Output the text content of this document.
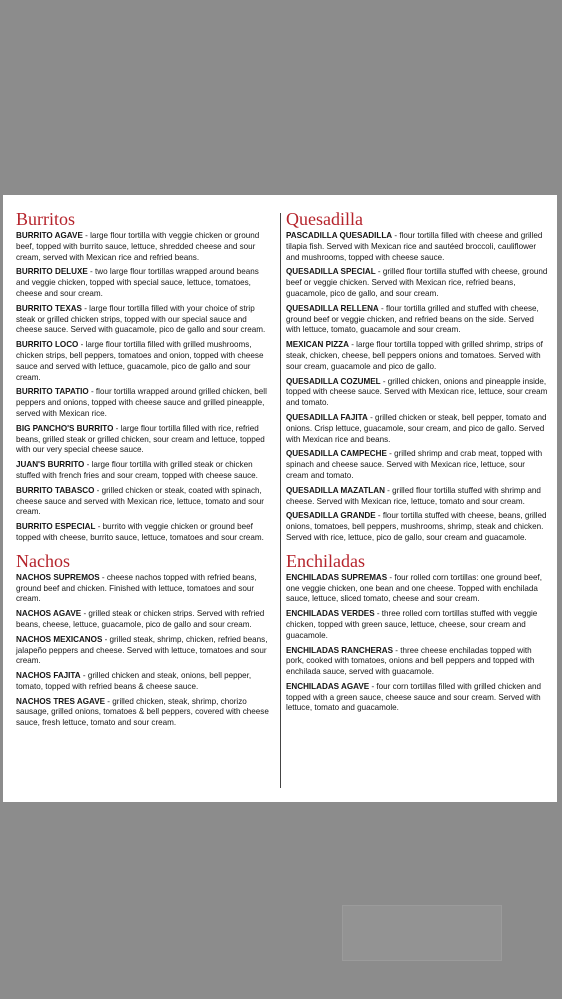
Burritos
BURRITO AGAVE - large flour tortilla with veggie chicken or ground beef, topped with burrito sauce, lettuce, shredded cheese and sour cream, served with Mexican rice and refried beans.
BURRITO DELUXE - two large flour tortillas wrapped around beans and veggie chicken, topped with special sauce, lettuce, tomatoes, cheese and sour cream.
BURRITO TEXAS - large flour tortilla filled with your choice of strip steak or grilled chicken strips, topped with our special sauce and cheese sauce. Served with guacamole, pico de gallo and sour cream.
BURRITO LOCO - large flour tortilla filled with grilled mushrooms, chicken strips, bell peppers, tomatoes and onion, topped with cheese sauce and served with lettuce, guacamole, pico de gallo and sour cream.
BURRITO TAPATIO - flour tortilla wrapped around grilled chicken, bell peppers and onions, topped with cheese sauce and grilled pineapple, served with Mexican rice.
BIG PANCHO'S BURRITO - large flour tortilla filled with rice, refried beans, grilled steak or grilled chicken, sour cream and lettuce, topped with our very special cheese sauce.
JUAN'S BURRITO - large flour tortilla with grilled steak or chicken stuffed with french fries and sour cream, topped with cheese sauce.
BURRITO TABASCO - grilled chicken or steak, coated with spinach, cheese sauce and served with Mexican rice, lettuce, tomato and sour cream.
BURRITO ESPECIAL - burrito with veggie chicken or ground beef topped with cheese, burrito sauce, lettuce, tomatoes and sour cream.
Nachos
NACHOS SUPREMOS - cheese nachos topped with refried beans, ground beef and chicken. Finished with lettuce, tomatoes and sour cream.
NACHOS AGAVE - grilled steak or chicken strips. Served with refried beans, cheese, lettuce, guacamole, pico de gallo and sour cream.
NACHOS MEXICANOS - grilled steak, shrimp, chicken, refried beans, jalapeño peppers and cheese. Served with lettuce, tomatoes and sour cream.
NACHOS FAJITA - grilled chicken and steak, onions, bell pepper, tomato, topped with refried beans & cheese sauce.
NACHOS TRES AGAVE - grilled chicken, steak, shrimp, chorizo sausage, grilled onions, tomatoes & bell peppers, covered with cheese sauce, fresh lettuce, tomato and sour cream.
Quesadilla
PASCADILLA QUESADILLA - flour tortilla filled with cheese and grilled tilapia fish. Served with Mexican rice and sautéed broccoli, cauliflower and mushrooms, topped with cheese sauce.
QUESADILLA SPECIAL - grilled flour tortilla stuffed with cheese, ground beef or veggie chicken. Served with Mexican rice, refried beans, guacamole, pico de gallo, and sour cream.
QUESADILLA RELLENA - flour tortilla grilled and stuffed with cheese, ground beef or veggie chicken, and refried beans on the side. Served with lettuce, tomato, guacamole and sour cream.
MEXICAN PIZZA - large flour tortilla topped with grilled shrimp, strips of steak, chicken, cheese, bell peppers onions and tomatoes. Served with sour cream, guacamole and pico de gallo.
QUESADILLA COZUMEL - grilled chicken, onions and pineapple inside, topped with cheese sauce. Served with Mexican rice, lettuce, sour cream and tomato.
QUESADILLA FAJITA - grilled chicken or steak, bell pepper, tomato and onions. Crisp lettuce, guacamole, sour cream, and pico de gallo. Served with Mexican rice and beans.
QUESADILLA CAMPECHE - grilled shrimp and crab meat, topped with spinach and cheese sauce. Served with Mexican rice, lettuce, sour cream and tomato.
QUESADILLA MAZATLAN - grilled flour tortilla stuffed with shrimp and cheese. Served with Mexican rice, lettuce, tomato and sour cream.
QUESADILLA GRANDE - flour tortilla stuffed with cheese, beans, grilled onions, tomatoes, bell peppers, mushrooms, shrimp, steak and chicken. Served with rice, lettuce, pico de gallo, sour cream and guacamole.
Enchiladas
ENCHILADAS SUPREMAS - four rolled corn tortillas: one ground beef, one veggie chicken, one bean and one cheese. Topped with enchilada sauce, lettuce, sliced tomato, cheese and sour cream.
ENCHILADAS VERDES - three rolled corn tortillas stuffed with veggie chicken, topped with green sauce, lettuce, cheese, sour cream and guacamole.
ENCHILADAS RANCHERAS - three cheese enchiladas topped with pork, cooked with tomatoes, onions and bell peppers and topped with enchilada sauce, served with guacamole.
ENCHILADAS AGAVE - four corn tortillas filled with grilled chicken and topped with a green sauce, cheese sauce and sour cream. Served with lettuce, tomato and guacamole.
